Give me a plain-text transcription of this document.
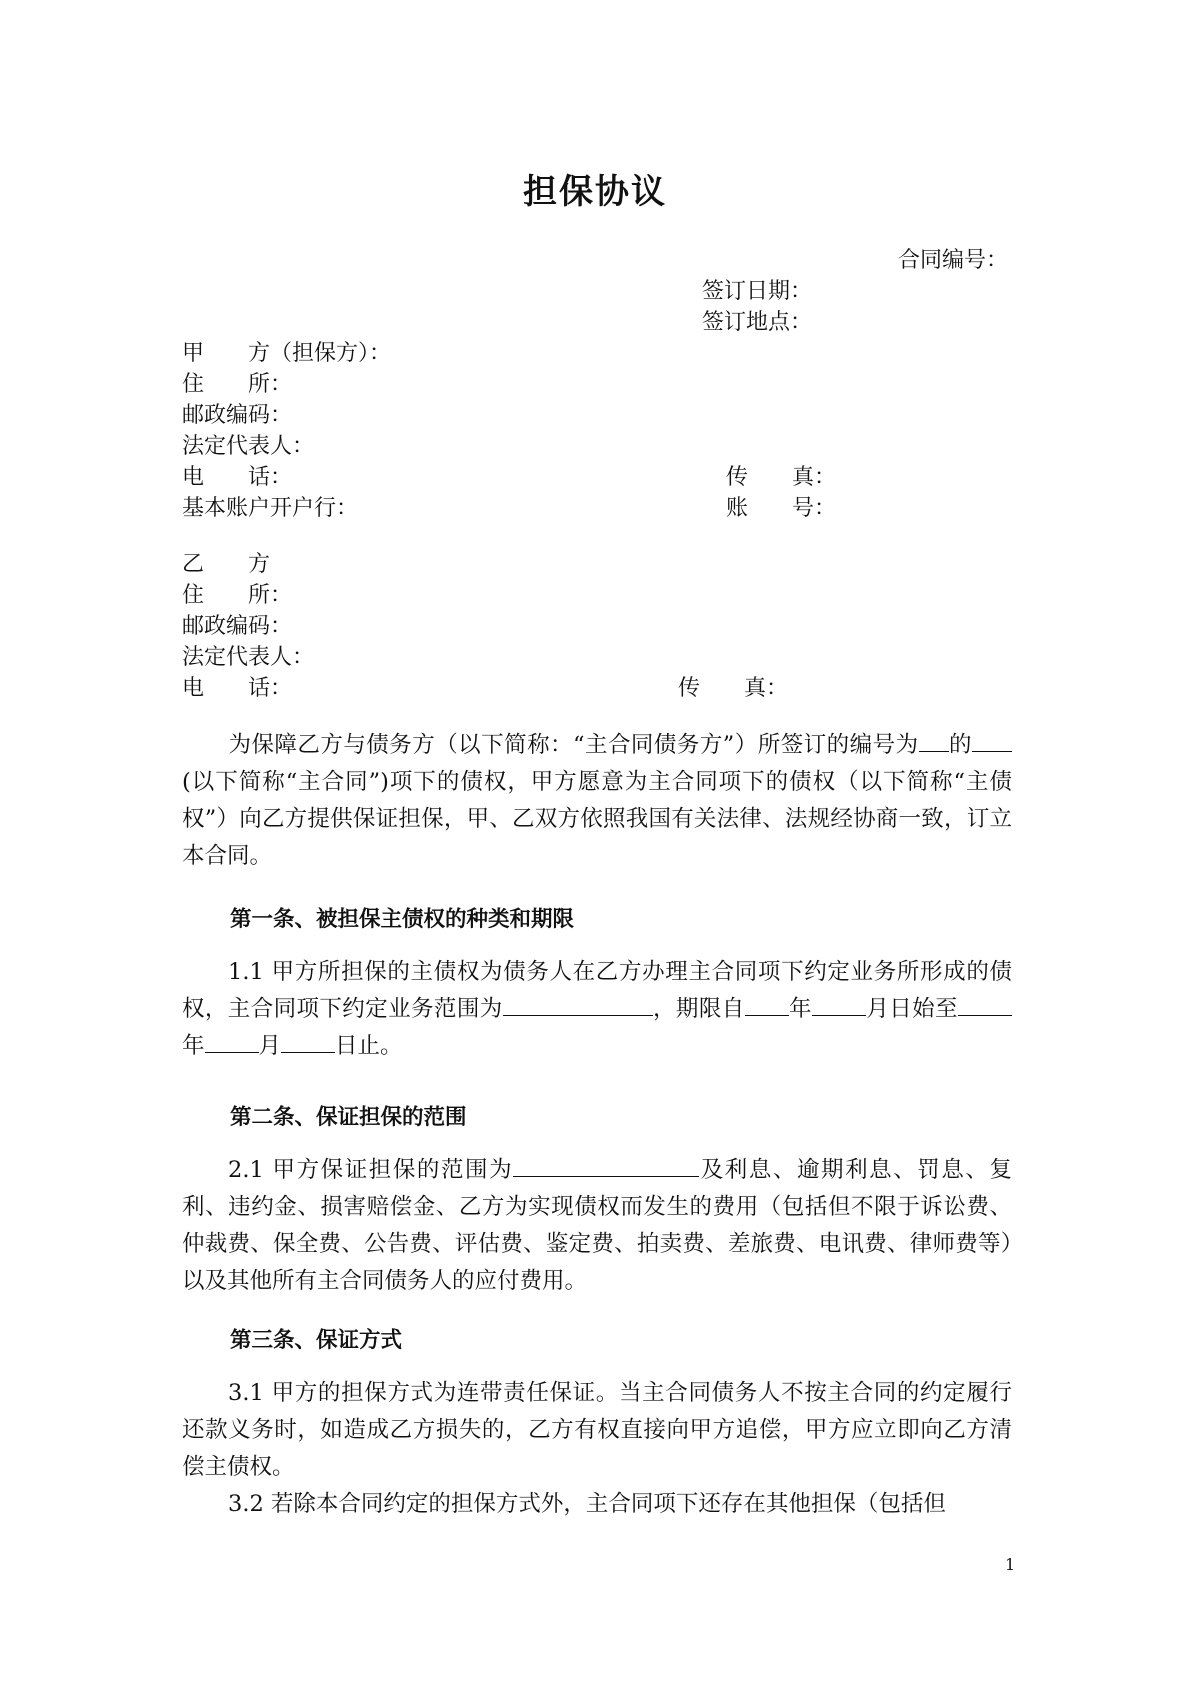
担保协议
合同编号：
签订日期：
签订地点：
甲　　方（担保方）：
住　　所：
邮政编码：
法定代表人：
电　　话：	传　　真：
基本账户开户行：	账　　号：
乙　　方
住　　所：
邮政编码：
法定代表人：
电　　话：	传　　真：
为保障乙方与债务方（以下简称：“主合同债务方”）所签订的编号为 的(以下简称“主合同”)项下的债权，甲方愿意为主合同项下的债权（以下简称“主债权”）向乙方提供保证担保，甲、乙双方依照我国有关法律、法规经协商一致，订立本合同。
第一条、被担保主债权的种类和期限
1.1 甲方所担保的主债权为债务人在乙方办理主合同项下约定业务所形成的债权，主合同项下约定业务范围为	，期限自 年 月日始至年 月 日止。
第二条、保证担保的范围
2.1 甲方保证担保的范围为	及利息、逾期利息、罚息、复利、违约金、损害赔偿金、乙方为实现债权而发生的费用（包括但不限于诉讼费、仲裁费、保全费、公告费、评估费、鉴定费、拍卖费、差旅费、电讯费、律师费等）以及其他所有主合同债务人的应付费用。
第三条、保证方式
3.1 甲方的担保方式为连带责任保证。当主合同债务人不按主合同的约定履行还款义务时，如造成乙方损失的，乙方有权直接向甲方追偿，甲方应立即向乙方清偿主债权。
3.2 若除本合同约定的担保方式外，主合同项下还存在其他担保（包括但
1
